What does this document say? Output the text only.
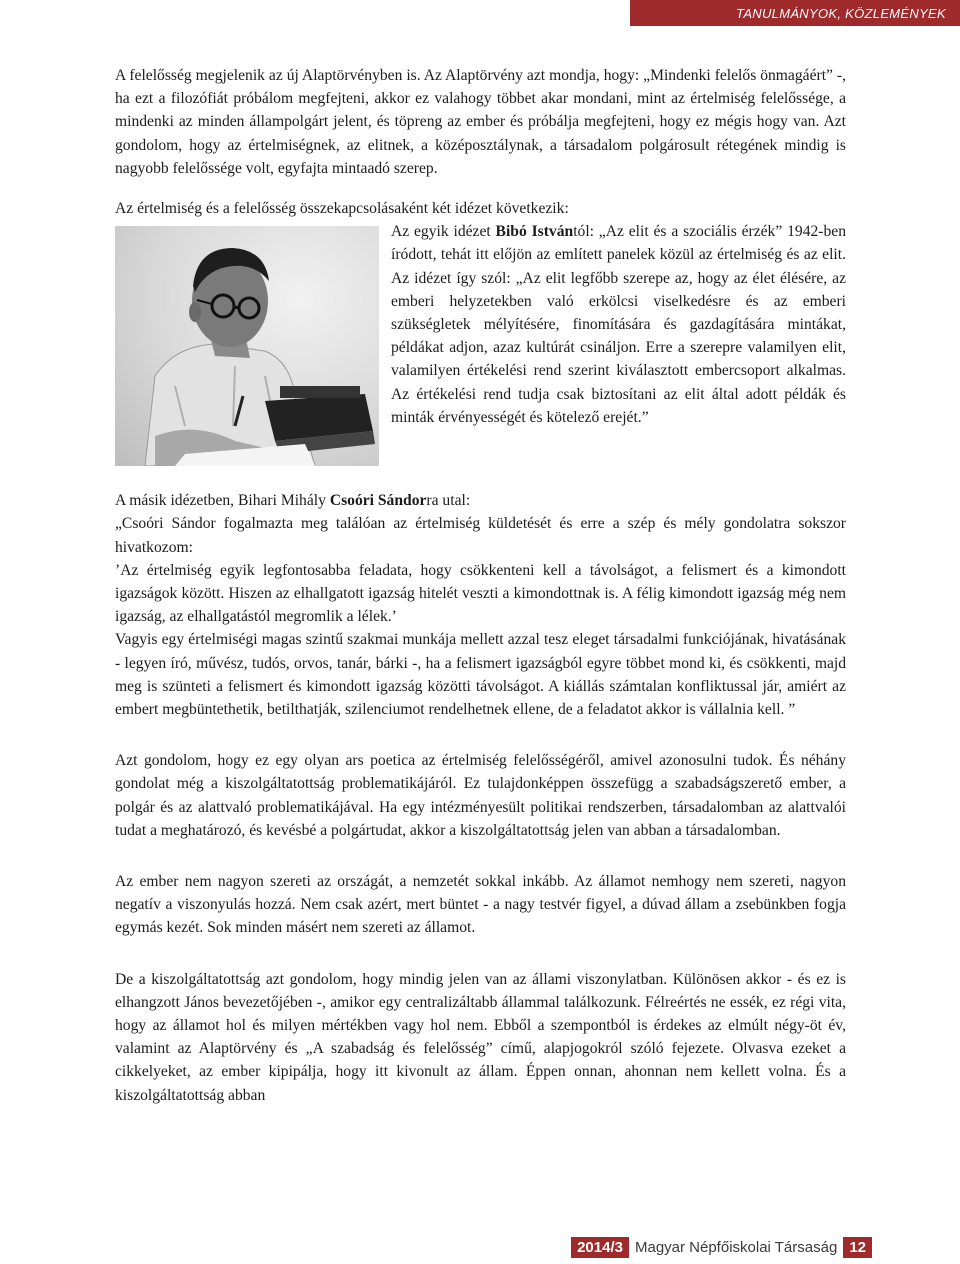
TANULMÁNYOK, KÖZLEMÉNYEK

A felelősség megjelenik az új Alaptörvényben is. Az Alaptörvény azt mondja, hogy: „Mindenki felelős önmagáért” -, ha ezt a filozófiát próbálom megfejteni, akkor ez valahogy többet akar mondani, mint az értelmiség felelőssége, a mindenki az minden állampolgárt jelent, és töpreng az ember és próbálja megfejteni, hogy ez mégis hogy van. Azt gondolom, hogy az értelmiségnek, az elitnek, a középosztálynak, a társadalom polgárosult rétegének mindig is nagyobb felelőssége volt, egyfajta mintaadó szerep.

Az értelmiség és a felelősség összekapcsolásaként két idézet következik:

Az egyik idézet Bibó Istvántól: „Az elit és a szociális érzék” 1942-ben íródott, tehát itt előjön az említett panelek közül az értelmiség és az elit. Az idézet így szól: „Az elit legfőbb szerepe az, hogy az élet élésére, az emberi helyzetekben való erkölcsi viselkedésre és az emberi szükségletek mélyítésére, finomítására és gazdagítására mintákat, példákat adjon, azaz kultúrát csináljon. Erre a szerepre valamilyen elit, valamilyen értékelési rend szerint kiválasztott embercsoport alkalmas. Az értékelési rend tudja csak biztosítani az elit által adott példák és minták érvényességét és kötelező erejét.”

A másik idézetben, Bihari Mihály Csoóri Sándorra utal:

„Csoóri Sándor fogalmazta meg találóan az értelmiség küldetését és erre a szép és mély gondolatra sokszor hivatkozom:

’Az értelmiség egyik legfontosabba feladata, hogy csökkenteni kell a távolságot, a felismert és a kimondott igazságok között. Hiszen az elhallgatott igazság hitelét veszti a kimondottnak is. A félig kimondott igazság még nem igazság, az elhallgatástól megromlik a lélek.’

Vagyis egy értelmiségi magas szintű szakmai munkája mellett azzal tesz eleget társadalmi funkciójának, hivatásának - legyen író, művész, tudós, orvos, tanár, bárki -, ha a felismert igazságból egyre többet mond ki, és csökkenti, majd meg is szünteti a felismert és kimondott igazság közötti távolságot. A kiállás számtalan konfliktussal jár, amiért az embert megbüntethetik, betilthatják, szilenciumot rendelhetnek ellene, de a feladatot akkor is vállalnia kell. ”

Azt gondolom, hogy ez egy olyan ars poetica az értelmiség felelősségéről, amivel azonosulni tudok. És néhány gondolat még a kiszolgáltatottság problematikájáról. Ez tulajdonképpen összefügg a szabadságszerető ember, a polgár és az alattvaló problematikájával. Ha egy intézményesült politikai rendszerben, társadalomban az alattvalói tudat a meghatározó, és kevésbé a polgártudat, akkor a kiszolgáltatottság jelen van abban a társadalomban.

Az ember nem nagyon szereti az országát, a nemzetét sokkal inkább. Az államot nemhogy nem szereti, nagyon negatív a viszonyulás hozzá. Nem csak azért, mert büntet - a nagy testvér figyel, a dúvad állam a zsebünkben fogja egymás kezét. Sok minden másért nem szereti az államot.

De a kiszolgáltatottság azt gondolom, hogy mindig jelen van az állami viszonylatban. Különösen akkor - és ez is elhangzott János bevezetőjében -, amikor egy centralizáltabb állammal találkozunk. Félreértés ne essék, ez régi vita, hogy az államot hol és milyen mértékben vagy hol nem. Ebből a szempontból is érdekes az elmúlt négy-öt év, valamint az Alaptörvény és „A szabadság és felelősség” című, alapjogokról szóló fejezete. Olvasva ezeket a cikkelyeket, az ember kipipálja, hogy itt kivonult az állam. Éppen onnan, ahonnan nem kellett volna. És a kiszolgáltatottság abban

2014/3 Magyar Népfőiskolai Társaság 12
